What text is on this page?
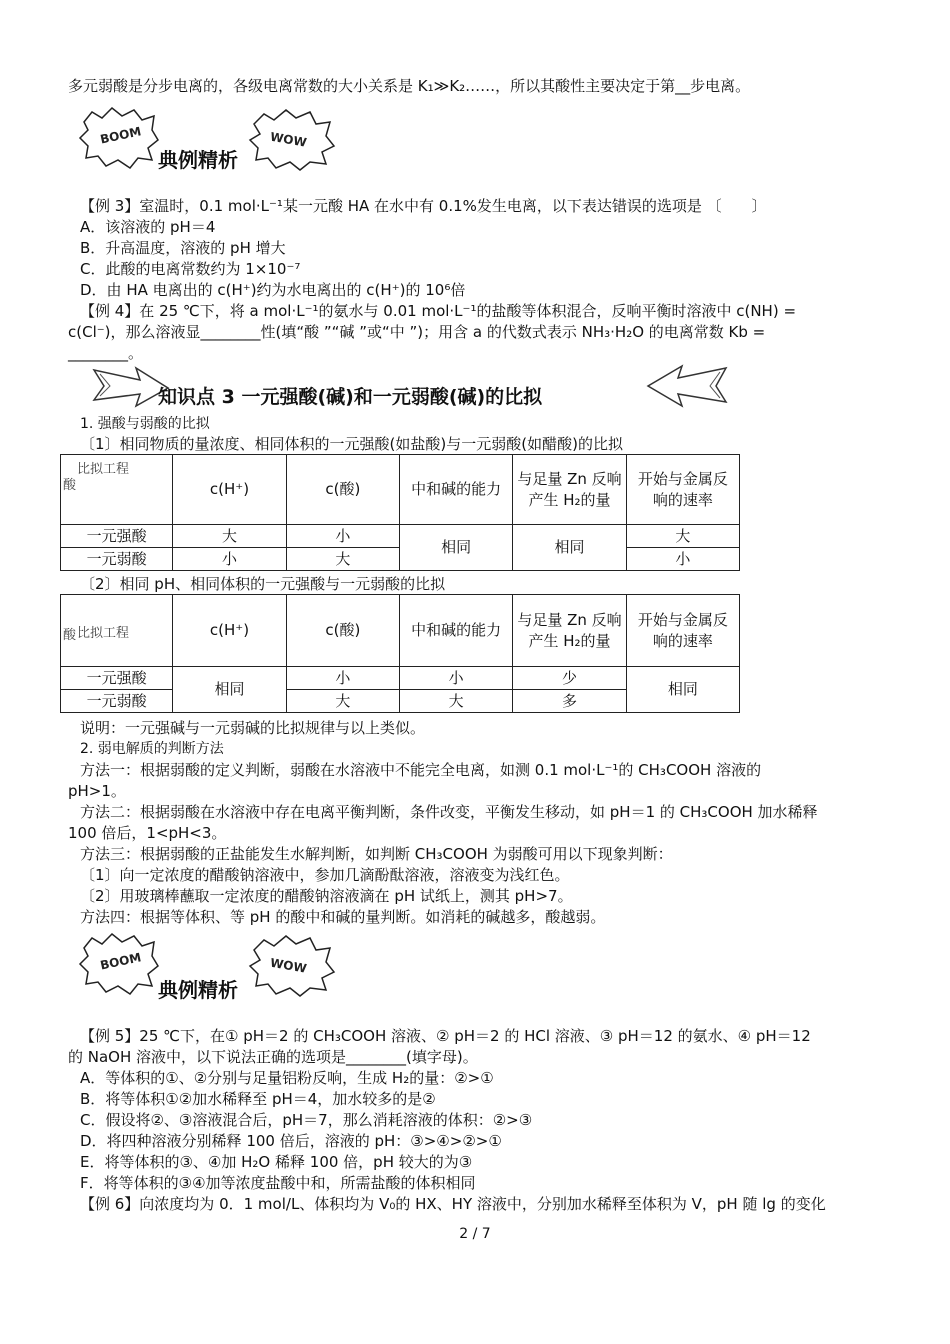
多元弱酸是分步电离的，各级电离常数的大小关系是 K₁≫K₂……，所以其酸性主要决定于第__步电离。
BOOM	WOW
典例精析
【例 3】室温时，0.1 mol·L⁻¹某一元酸 HA 在水中有 0.1%发生电离，以下表达错误的选项是 〔　　〕
A．该溶液的 pH＝4
B．升高温度，溶液的 pH 增大
C．此酸的电离常数约为 1×10⁻⁷
D．由 HA 电离出的 c(H⁺)约为水电离出的 c(H⁺)的 10⁶倍
【例 4】在 25 ℃下，将 a mol·L⁻¹的氨水与 0.01 mol·L⁻¹的盐酸等体积混合，反响平衡时溶液中 c(NH) =
c(Cl⁻)，那么溶液显________性(填“酸 ”“碱 ”或“中 ”)；用含 a 的代数式表示 NH₃·H₂O 的电离常数 Kb =
________。
知识点 3 一元强酸(碱)和一元弱酸(碱)的比拟
1. 强酸与弱酸的比拟
〔1〕相同物质的量浓度、相同体积的一元强酸(如盐酸)与一元弱酸(如醋酸)的比拟
比拟工程
酸	c(H⁺)	c(酸)	中和碱的能力	与足量 Zn 反响产生 H₂的量	开始与金属反响的速率
一元强酸	大	小	相同	相同	大
一元弱酸	小	大			小
〔2〕相同 pH、相同体积的一元强酸与一元弱酸的比拟
比拟工程
酸	c(H⁺)	c(酸)	中和碱的能力	与足量 Zn 反响产生 H₂的量	开始与金属反响的速率
一元强酸	相同	小	小	少	相同
一元弱酸		大	大	多	
说明：一元强碱与一元弱碱的比拟规律与以上类似。
2. 弱电解质的判断方法
方法一：根据弱酸的定义判断，弱酸在水溶液中不能完全电离，如测 0.1 mol·L⁻¹的 CH₃COOH 溶液的
pH>1。
方法二：根据弱酸在水溶液中存在电离平衡判断，条件改变，平衡发生移动，如 pH＝1 的 CH₃COOH 加水稀释
100 倍后，1<pH<3。
方法三：根据弱酸的正盐能发生水解判断，如判断 CH₃COOH 为弱酸可用以下现象判断：
〔1〕向一定浓度的醋酸钠溶液中，参加几滴酚酞溶液，溶液变为浅红色。
〔2〕用玻璃棒蘸取一定浓度的醋酸钠溶液滴在 pH 试纸上，测其 pH>7。
方法四：根据等体积、等 pH 的酸中和碱的量判断。如消耗的碱越多，酸越弱。
BOOM	WOW
典例精析
【例 5】25 ℃下，在① pH＝2 的 CH₃COOH 溶液、② pH＝2 的 HCl 溶液、③ pH＝12 的氨水、④ pH＝12
的 NaOH 溶液中，以下说法正确的选项是________(填字母)。
A．等体积的①、②分别与足量铝粉反响，生成 H₂的量：②>①
B．将等体积①②加水稀释至 pH＝4，加水较多的是②
C．假设将②、③溶液混合后，pH＝7，那么消耗溶液的体积：②>③
D．将四种溶液分别稀释 100 倍后，溶液的 pH：③>④>②>①
E．将等体积的③、④加 H₂O 稀释 100 倍，pH 较大的为③
F．将等体积的③④加等浓度盐酸中和，所需盐酸的体积相同
【例 6】向浓度均为 0．1 mol/L、体积均为 V₀的 HX、HY 溶液中，分别加水稀释至体积为 V，pH 随 lg 的变化
2 / 7
